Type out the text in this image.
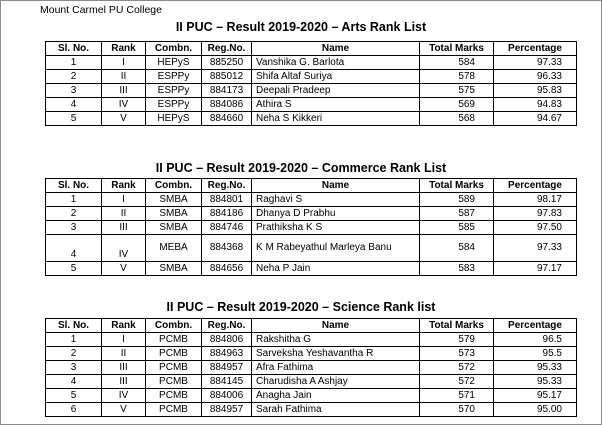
Mount Carmel PU College
II PUC – Result 2019-2020 – Arts Rank List
Sl. No.	Rank	Combn.	Reg.No.	Name	Total Marks	Percentage
1	I	HEPyS	885250	Vanshika G. Barlota	584	97.33
2	II	ESPPy	885012	Shifa Altaf Suriya	578	96.33
3	III	ESPPy	884173	Deepali Pradeep	575	95.83
4	IV	ESPPy	884086	Athira S	569	94.83
5	V	HEPyS	884660	Neha S Kikkeri	568	94.67
II PUC – Result 2019-2020 – Commerce Rank List
Sl. No.	Rank	Combn.	Reg.No.	Name	Total Marks	Percentage
1	I	SMBA	884801	Raghavi S	589	98.17
2	II	SMBA	884186	Dhanya D Prabhu	587	97.83
3	III	SMBA	884746	Prathiksha K S	585	97.50
4	IV	MEBA	884368	K M Rabeyathul Marleya Banu	584	97.33
5	V	SMBA	884656	Neha P Jain	583	97.17
II PUC – Result 2019-2020 – Science Rank list
Sl. No.	Rank	Combn.	Reg.No.	Name	Total Marks	Percentage
1	I	PCMB	884806	Rakshitha G	579	96.5
2	II	PCMB	884963	Sarveksha Yeshavantha R	573	95.5
3	III	PCMB	884957	Afra Fathima	572	95.33
4	III	PCMB	884145	Charudisha A Ashjay	572	95.33
5	IV	PCMB	884006	Anagha Jain	571	95.17
6	V	PCMB	884957	Sarah Fathima	570	95.00
